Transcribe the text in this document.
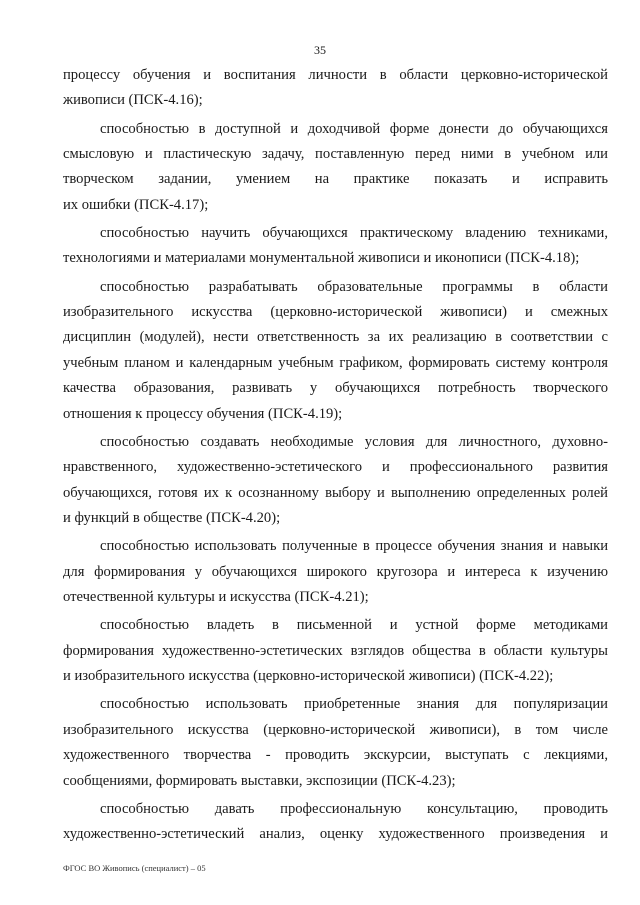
35
процессу обучения и воспитания личности в области церковно-исторической
живописи (ПСК-4.16);
способностью в доступной и доходчивой форме донести до обучающихся
смысловую и пластическую задачу, поставленную перед ними в учебном или
творческом задании, умением на практике показать и исправить
их ошибки (ПСК-4.17);
способностью научить обучающихся практическому владению техниками,
технологиями и материалами монументальной живописи и иконописи (ПСК-4.18);
способностью разрабатывать образовательные программы в области
изобразительного искусства (церковно-исторической живописи) и смежных
дисциплин (модулей), нести ответственность за их реализацию в соответствии с
учебным планом и календарным учебным графиком, формировать систему контроля
качества образования, развивать у обучающихся потребность творческого
отношения к процессу обучения (ПСК-4.19);
способностью создавать необходимые условия для личностного, духовно-
нравственного, художественно-эстетического и профессионального развития
обучающихся, готовя их к осознанному выбору и выполнению определенных ролей
и функций в обществе (ПСК-4.20);
способностью использовать полученные в процессе обучения знания и навыки
для формирования у обучающихся широкого кругозора и интереса к изучению
отечественной культуры и искусства (ПСК-4.21);
способностью владеть в письменной и устной форме методиками
формирования художественно-эстетических взглядов общества в области культуры
и изобразительного искусства (церковно-исторической живописи) (ПСК-4.22);
способностью использовать приобретенные знания для популяризации
изобразительного искусства (церковно-исторической живописи), в том числе
художественного творчества - проводить экскурсии, выступать с лекциями,
сообщениями, формировать выставки, экспозиции (ПСК-4.23);
способностью давать профессиональную консультацию, проводить
художественно-эстетический анализ, оценку художественного произведения и
ФГОС ВО Живопись (специалист) – 05
